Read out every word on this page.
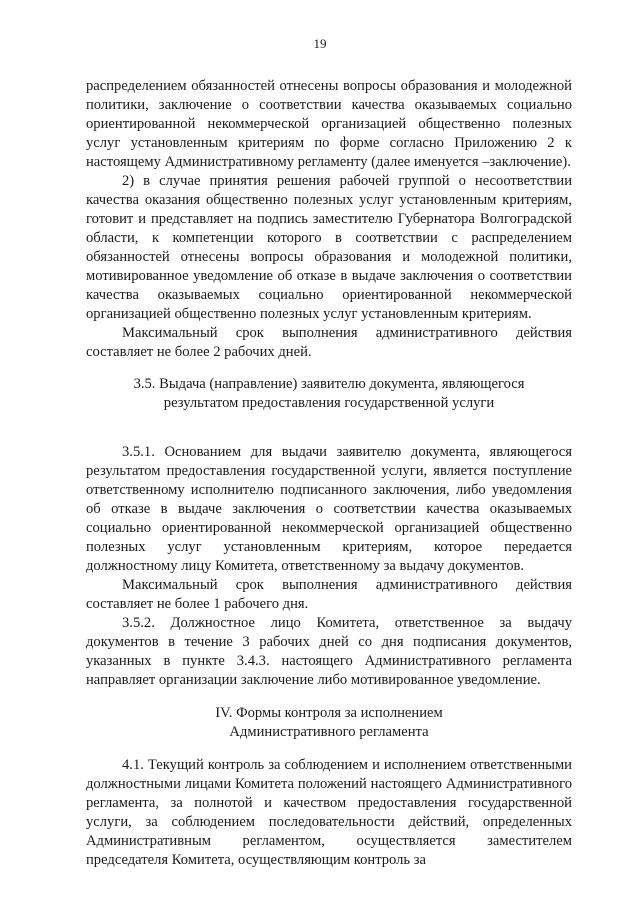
19

распределением обязанностей отнесены вопросы образования и молодежной политики, заключение о соответствии качества оказываемых социально ориентированной некоммерческой организацией общественно полезных услуг установленным критериям по форме согласно Приложению 2 к настоящему Административному регламенту (далее именуется –заключение).

2) в случае принятия решения рабочей группой о несоответствии качества оказания общественно полезных услуг установленным критериям, готовит и представляет на подпись заместителю Губернатора Волгоградской области, к компетенции которого в соответствии с распределением обязанностей отнесены вопросы образования и молодежной политики, мотивированное уведомление об отказе в выдаче заключения о соответствии качества оказываемых социально ориентированной некоммерческой организацией общественно полезных услуг установленным критериям.

Максимальный срок выполнения административного действия составляет не более 2 рабочих дней.

3.5. Выдача (направление) заявителю документа, являющегося результатом предоставления государственной услуги

3.5.1. Основанием для выдачи заявителю документа, являющегося результатом предоставления государственной услуги, является поступление ответственному исполнителю подписанного заключения, либо уведомления об отказе в выдаче заключения о соответствии качества оказываемых социально ориентированной некоммерческой организацией общественно полезных услуг установленным критериям, которое передается должностному лицу Комитета, ответственному за выдачу документов.

Максимальный срок выполнения административного действия составляет не более 1 рабочего дня.

3.5.2. Должностное лицо Комитета, ответственное за выдачу документов в течение 3 рабочих дней со дня подписания документов, указанных в пункте 3.4.3. настоящего Административного регламента направляет организации заключение либо мотивированное уведомление.

IV. Формы контроля за исполнением

Административного регламента

4.1. Текущий контроль за соблюдением и исполнением ответственными должностными лицами Комитета положений настоящего Административного регламента, за полнотой и качеством предоставления государственной услуги, за соблюдением последовательности действий, определенных Административным регламентом, осуществляется заместителем председателя Комитета, осуществляющим контроль за
